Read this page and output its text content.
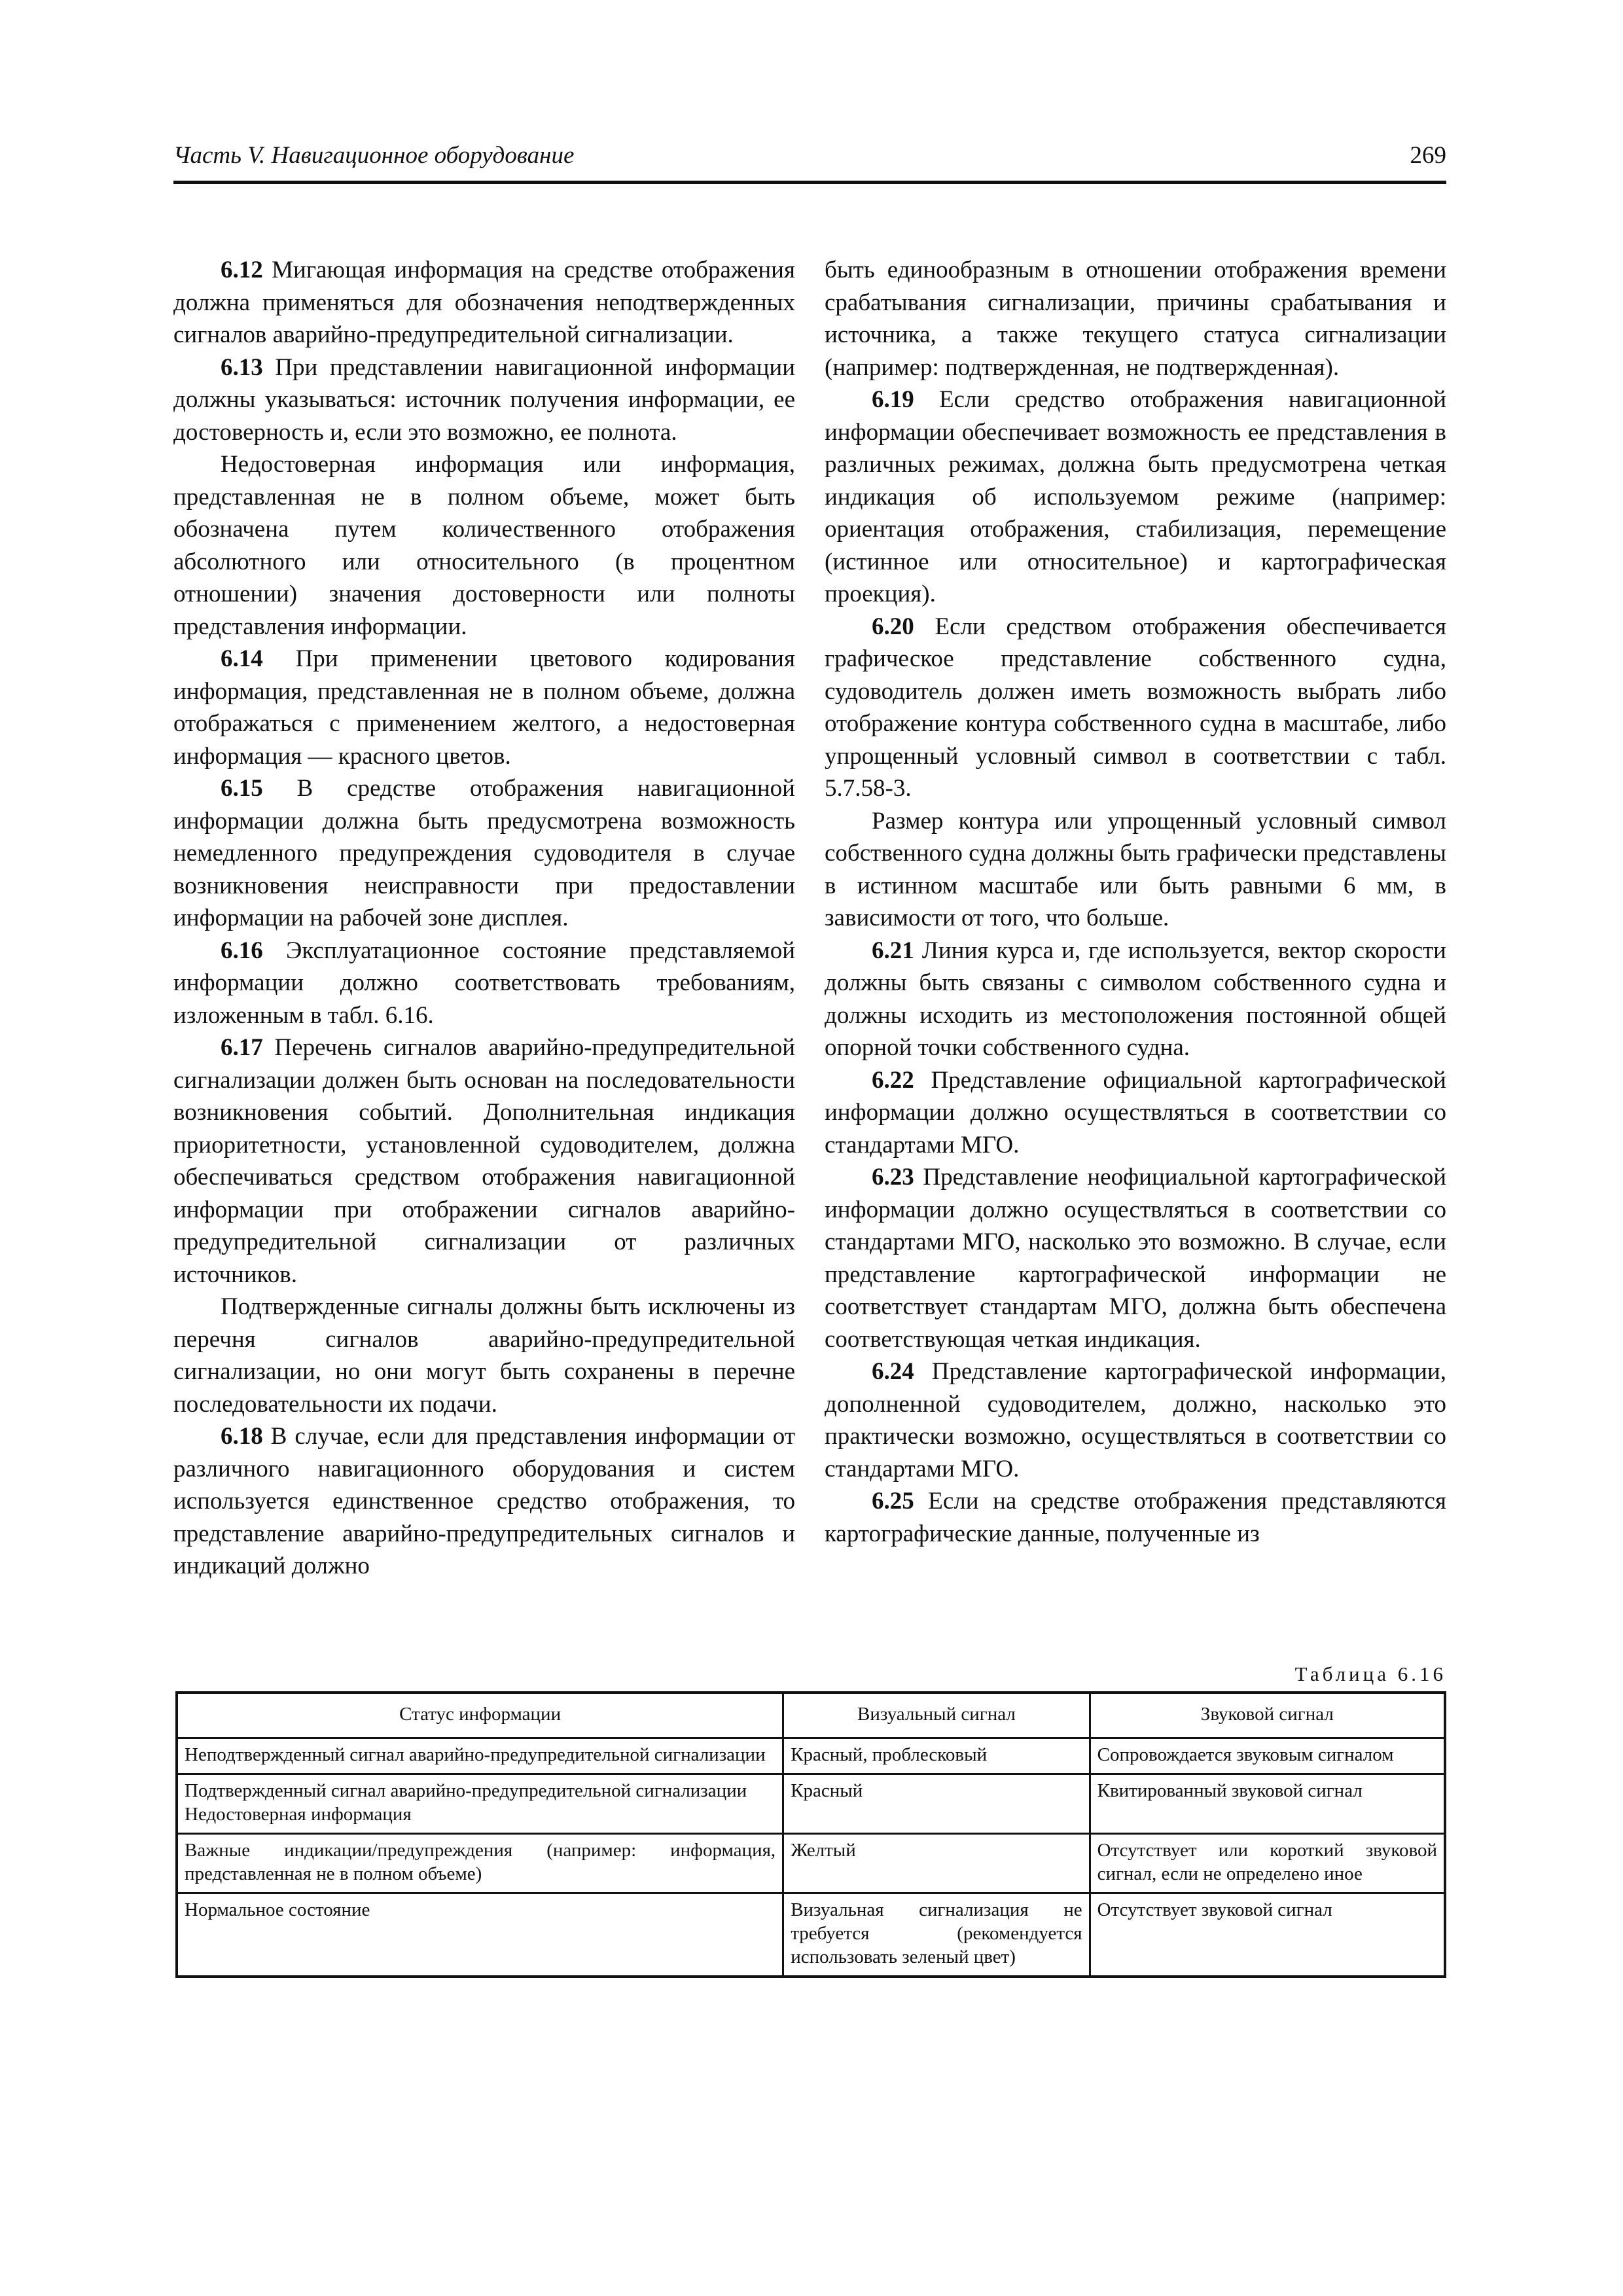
Часть V. Навигационное оборудование	269

6.12 Мигающая информация на средстве отображения должна применяться для обозначения неподтвержденных сигналов аварийно-предупредительной сигнализации.

6.13 При представлении навигационной информации должны указываться: источник получения информации, ее достоверность и, если это возможно, ее полнота.

Недостоверная информация или информация, представленная не в полном объеме, может быть обозначена путем количественного отображения абсолютного или относительного (в процентном отношении) значения достоверности или полноты представления информации.

6.14 При применении цветового кодирования информация, представленная не в полном объеме, должна отображаться с применением желтого, а недостоверная информация — красного цветов.

6.15 В средстве отображения навигационной информации должна быть предусмотрена возможность немедленного предупреждения судоводителя в случае возникновения неисправности при предоставлении информации на рабочей зоне дисплея.

6.16 Эксплуатационное состояние представляемой информации должно соответствовать требованиям, изложенным в табл. 6.16.

6.17 Перечень сигналов аварийно-предупредительной сигнализации должен быть основан на последовательности возникновения событий. Дополнительная индикация приоритетности, установленной судоводителем, должна обеспечиваться средством отображения навигационной информации при отображении сигналов аварийно-предупредительной сигнализации от различных источников.

Подтвержденные сигналы должны быть исключены из перечня сигналов аварийно-предупредительной сигнализации, но они могут быть сохранены в перечне последовательности их подачи.

6.18 В случае, если для представления информации от различного навигационного оборудования и систем используется единственное средство отображения, то представление аварийно-предупредительных сигналов и индикаций должно

быть единообразным в отношении отображения времени срабатывания сигнализации, причины срабатывания и источника, а также текущего статуса сигнализации (например: подтвержденная, не подтвержденная).

6.19 Если средство отображения навигационной информации обеспечивает возможность ее представления в различных режимах, должна быть предусмотрена четкая индикация об используемом режиме (например: ориентация отображения, стабилизация, перемещение (истинное или относительное) и картографическая проекция).

6.20 Если средством отображения обеспечивается графическое представление собственного судна, судоводитель должен иметь возможность выбрать либо отображение контура собственного судна в масштабе, либо упрощенный условный символ в соответствии с табл. 5.7.58-3.

Размер контура или упрощенный условный символ собственного судна должны быть графически представлены в истинном масштабе или быть равными 6 мм, в зависимости от того, что больше.

6.21 Линия курса и, где используется, вектор скорости должны быть связаны с символом собственного судна и должны исходить из местоположения постоянной общей опорной точки собственного судна.

6.22 Представление официальной картографической информации должно осуществляться в соответствии со стандартами МГО.

6.23 Представление неофициальной картографической информации должно осуществляться в соответствии со стандартами МГО, насколько это возможно. В случае, если представление картографической информации не соответствует стандартам МГО, должна быть обеспечена соответствующая четкая индикация.

6.24 Представление картографической информации, дополненной судоводителем, должно, насколько это практически возможно, осуществляться в соответствии со стандартами МГО.

6.25 Если на средстве отображения представляются картографические данные, полученные из

Таблица 6.16
Статус информации	Визуальный сигнал	Звуковой сигнал

Неподтвержденный сигнал аварийно-предупредительной сигнализации	Красный, проблесковый	Сопровождается звуковым сигналом

Подтвержденный сигнал аварийно-предупредительной сигнализации
Недостоверная информация	Красный	Квитированный звуковой сигнал

Важные индикации/предупреждения (например: информация, представленная не в полном объеме)	Желтый	Отсутствует или короткий звуковой сигнал, если не определено иное

Нормальное состояние	Визуальная сигнализация не требуется (рекомендуется использовать зеленый цвет)	Отсутствует звуковой сигнал
